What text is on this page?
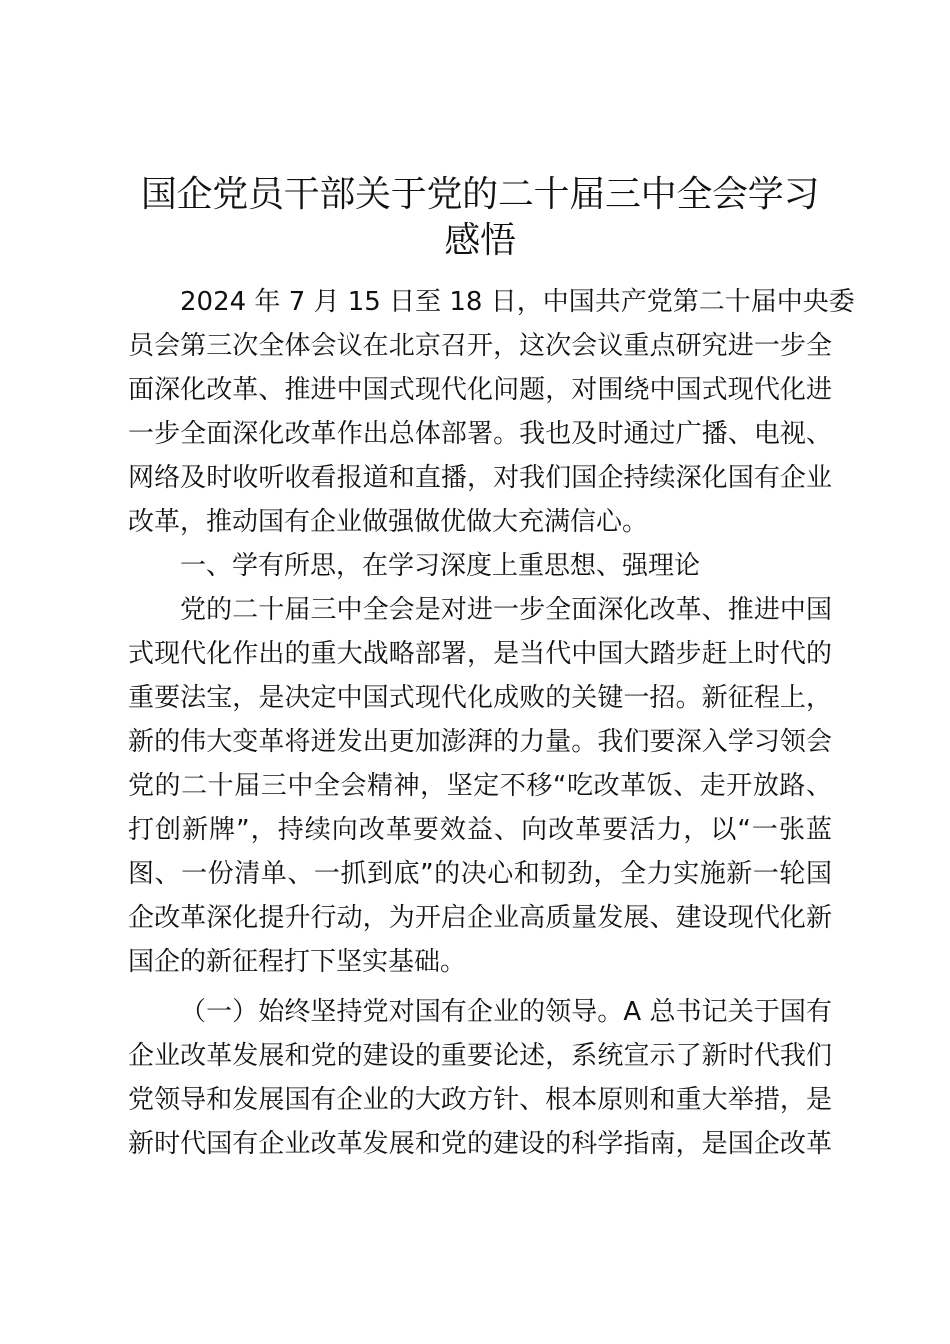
国企党员干部关于党的二十届三中全会学习感悟

2024 年 7 月 15 日至 18 日，中国共产党第二十届中央委

员会第三次全体会议在北京召开，这次会议重点研究进一步全

面深化改革、推进中国式现代化问题，对围绕中国式现代化进

一步全面深化改革作出总体部署。我也及时通过广播、电视、

网络及时收听收看报道和直播，对我们国企持续深化国有企业

改革，推动国有企业做强做优做大充满信心。

一、学有所思，在学习深度上重思想、强理论

党的二十届三中全会是对进一步全面深化改革、推进中国

式现代化作出的重大战略部署，是当代中国大踏步赶上时代的

重要法宝，是决定中国式现代化成败的关键一招。新征程上，

新的伟大变革将迸发出更加澎湃的力量。我们要深入学习领会

党的二十届三中全会精神，坚定不移“吃改革饭、走开放路、

打创新牌”，持续向改革要效益、向改革要活力，以“一张蓝

图、一份清单、一抓到底”的决心和韧劲，全力实施新一轮国

企改革深化提升行动，为开启企业高质量发展、建设现代化新

国企的新征程打下坚实基础。

（一）始终坚持党对国有企业的领导。A 总书记关于国有

企业改革发展和党的建设的重要论述，系统宣示了新时代我们

党领导和发展国有企业的大政方针、根本原则和重大举措，是

新时代国有企业改革发展和党的建设的科学指南，是国企改革
